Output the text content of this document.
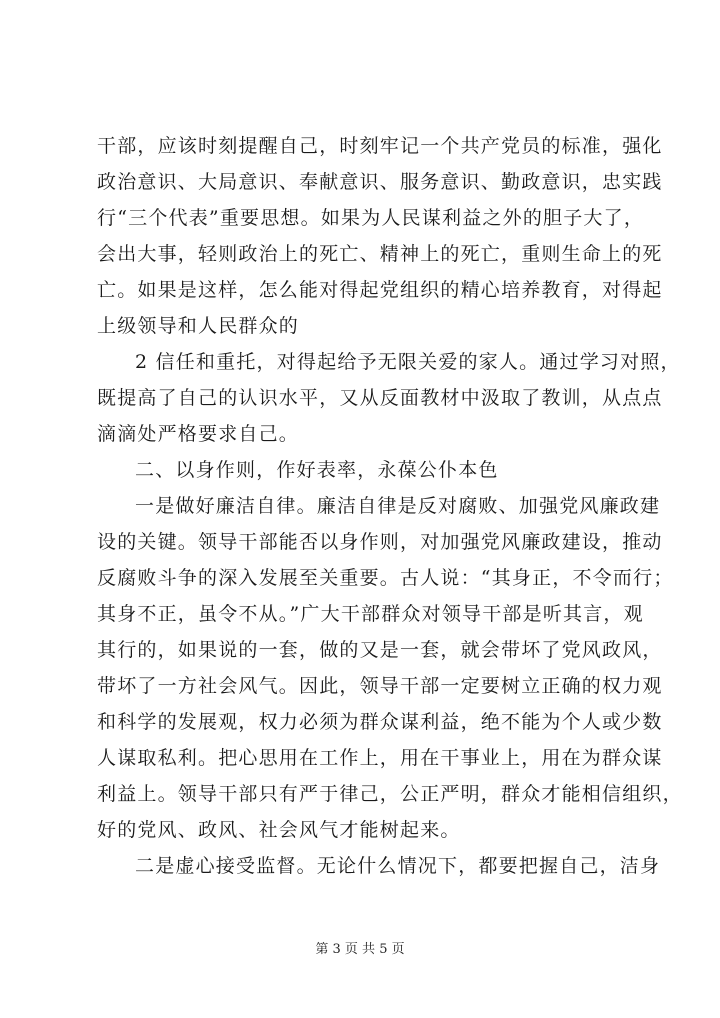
干部，应该时刻提醒自己，时刻牢记一个共产党员的标准，强化
政治意识、大局意识、奉献意识、服务意识、勤政意识，忠实践
行“三个代表”重要思想。如果为人民谋利益之外的胆子大了，
会出大事，轻则政治上的死亡、精神上的死亡，重则生命上的死
亡。如果是这样，怎么能对得起党组织的精心培养教育，对得起
上级领导和人民群众的
2 信任和重托，对得起给予无限关爱的家人。通过学习对照，
既提高了自己的认识水平，又从反面教材中汲取了教训，从点点
滴滴处严格要求自己。
二、以身作则，作好表率，永葆公仆本色
一是做好廉洁自律。廉洁自律是反对腐败、加强党风廉政建
设的关键。领导干部能否以身作则，对加强党风廉政建设，推动
反腐败斗争的深入发展至关重要。古人说：“其身正，不令而行；
其身不正，虽令不从。”广大干部群众对领导干部是听其言，观
其行的，如果说的一套，做的又是一套，就会带坏了党风政风，
带坏了一方社会风气。因此，领导干部一定要树立正确的权力观
和科学的发展观，权力必须为群众谋利益，绝不能为个人或少数
人谋取私利。把心思用在工作上，用在干事业上，用在为群众谋
利益上。领导干部只有严于律己，公正严明，群众才能相信组织，
好的党风、政风、社会风气才能树起来。
二是虚心接受监督。无论什么情况下，都要把握自己，洁身
第 3 页 共 5 页
